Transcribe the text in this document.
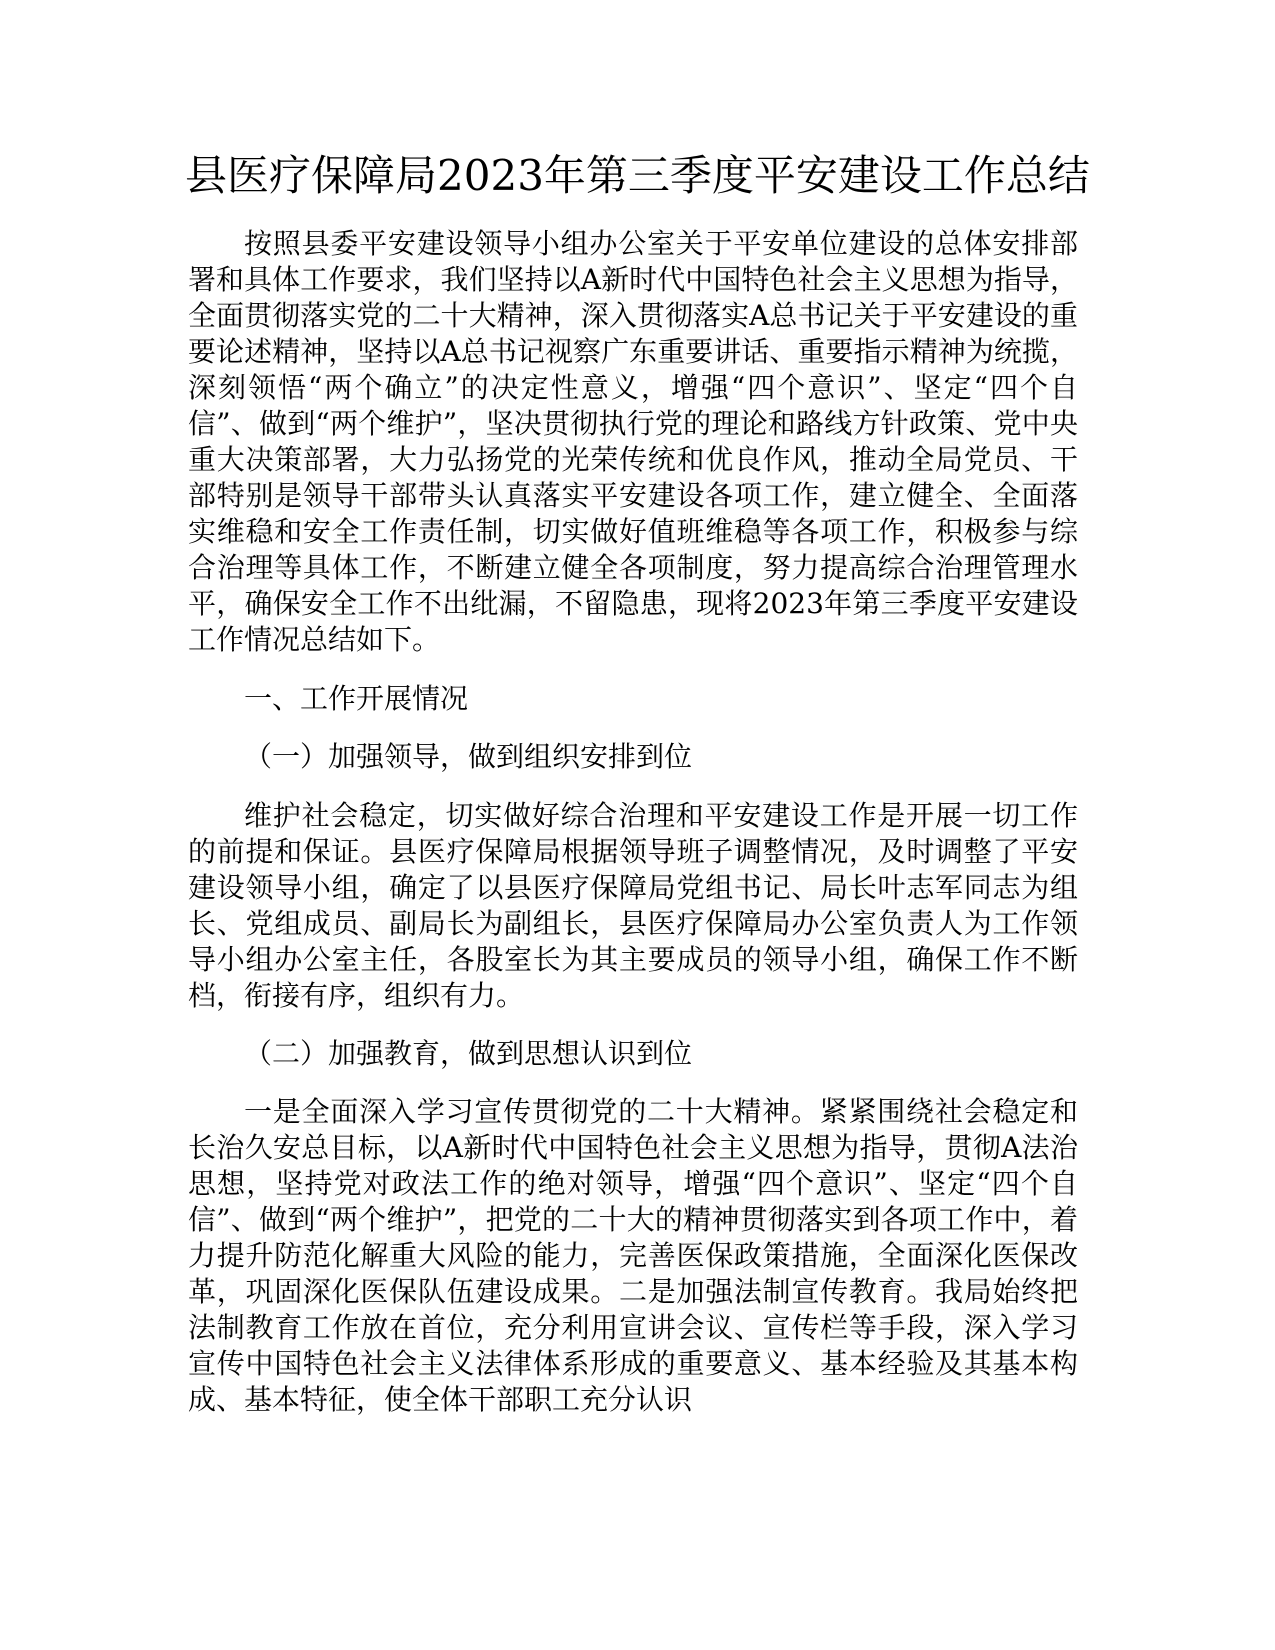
县医疗保障局2023年第三季度平安建设工作总结

按照县委平安建设领导小组办公室关于平安单位建设的总体安排部署和具体工作要求，我们坚持以A新时代中国特色社会主义思想为指导，全面贯彻落实党的二十大精神，深入贯彻落实A总书记关于平安建设的重要论述精神，坚持以A总书记视察广东重要讲话、重要指示精神为统揽，深刻领悟“两个确立”的决定性意义，增强“四个意识”、坚定“四个自信”、做到“两个维护”，坚决贯彻执行党的理论和路线方针政策、党中央重大决策部署，大力弘扬党的光荣传统和优良作风，推动全局党员、干部特别是领导干部带头认真落实平安建设各项工作，建立健全、全面落实维稳和安全工作责任制，切实做好值班维稳等各项工作，积极参与综合治理等具体工作，不断建立健全各项制度，努力提高综合治理管理水平，确保安全工作不出纰漏，不留隐患，现将2023年第三季度平安建设工作情况总结如下。

一、工作开展情况

（一）加强领导，做到组织安排到位

维护社会稳定，切实做好综合治理和平安建设工作是开展一切工作的前提和保证。县医疗保障局根据领导班子调整情况，及时调整了平安建设领导小组，确定了以县医疗保障局党组书记、局长叶志军同志为组长、党组成员、副局长为副组长，县医疗保障局办公室负责人为工作领导小组办公室主任，各股室长为其主要成员的领导小组，确保工作不断档，衔接有序，组织有力。

（二）加强教育，做到思想认识到位

一是全面深入学习宣传贯彻党的二十大精神。紧紧围绕社会稳定和长治久安总目标，以A新时代中国特色社会主义思想为指导，贯彻A法治思想，坚持党对政法工作的绝对领导，增强“四个意识”、坚定“四个自信”、做到“两个维护”，把党的二十大的精神贯彻落实到各项工作中，着力提升防范化解重大风险的能力，完善医保政策措施，全面深化医保改革，巩固深化医保队伍建设成果。二是加强法制宣传教育。我局始终把法制教育工作放在首位，充分利用宣讲会议、宣传栏等手段，深入学习宣传中国特色社会主义法律体系形成的重要意义、基本经验及其基本构成、基本特征，使全体干部职工充分认识
